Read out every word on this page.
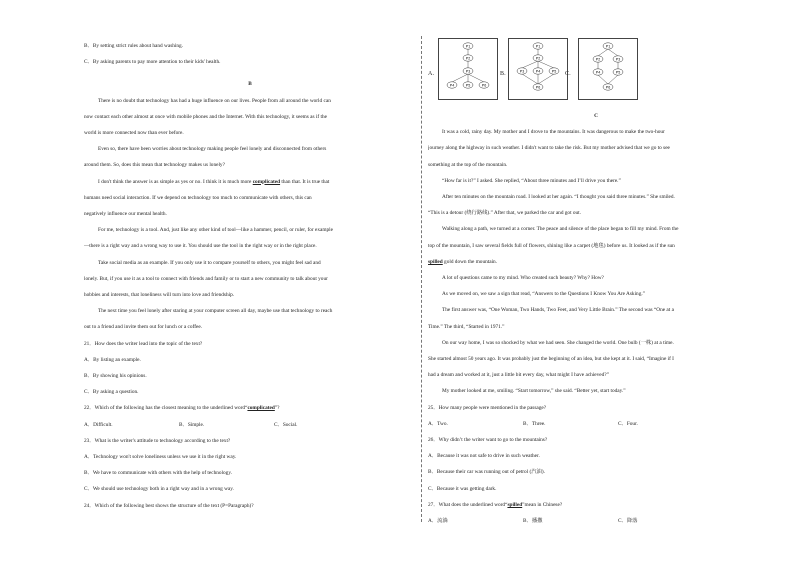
B．By setting strict rules about hand washing.

C．By asking parents to pay more attention to their kids' health.

B

There is no doubt that technology has had a huge influence on our lives. People from all around the world can

now contact each other almost at once with mobile phones and the Internet. With this technology, it seems as if the

world is more connected now than ever before.

Even so, there have been worries about technology making people feel lonely and disconnected from others

around them. So, does this mean that technology makes us lonely?

I don't think the answer is as simple as yes or no. I think it is much more complicated than that. It is true that

humans need social interaction. If we depend on technology too much to communicate with others, this can

negatively influence our mental health.

For me, technology is a tool. And, just like any other kind of tool—like a hammer, pencil, or ruler, for example

—there is a right way and a wrong way to use it. You should use the tool in the right way or in the right place.

Take social media as an example. If you only use it to compare yourself to others, you might feel sad and

lonely. But, if you use it as a tool to connect with friends and family or to start a new community to talk about your

hobbies and interests, that loneliness will turn into love and friendship.

The next time you feel lonely after staring at your computer screen all day, maybe use that technology to reach

out to a friend and invite them out for lunch or a coffee.

21．How does the writer lead into the topic of the text?

A．By listing an example.

B．By showing his opinions.

C．By asking a question.

22．Which of the following has the closest meaning to the underlined word“complicated”?

A．Difficult.	B．Simple.	C．Social.

23．What is the writer's attitude to technology according to the text?

A．Technology won't solve loneliness unless we use it in the right way.

B．We have to communicate with others with the help of technology.

C．We should use technology both in a right way and in a wrong way.

24．Which of the following best shows the structure of the text (P=Paragraph)?

A．
P1
P2
P3
P4	P5	P6
B．
P1
P2
P3	P4	P5
P6
C．
P1
P2	P3
P4	P5
P6

C

It was a cold, rainy day. My mother and I drove to the mountains. It was dangerous to make the two-hour

journey along the highway in such weather. I didn't want to take the risk. But my mother advised that we go to see

something at the top of the mountain.

“How far is it?” I asked. She replied, “About three minutes and I’ll drive you there.”

After ten minutes on the mountain road. I looked at her again. “I thought you said three minutes.” She smiled.

“This is a detour (绕行路线).” After that, we parked the car and got out.

Walking along a path, we turned at a corner. The peace and silence of the place began to fill my mind. From the

top of the mountain, I saw several fields full of flowers, shining like a carpet (地毯) before us. It looked as if the sun

spilled gold down the mountain.

A lot of questions came to my mind. Who created such beauty? Why? How?

As we moved on, we saw a sign that read, “Answers to the Questions I Know You Are Asking.”

The first answer was, “One Woman, Two Hands, Two Feet, and Very Little Brain.” The second was “One at a

Time.” The third, “Started in 1971.”

On our way home, I was so shocked by what we had seen. She changed the world. One bulb (一株) at a time.

She started almost 50 years ago. It was probably just the beginning of an idea, but she kept at it. I said, “Imagine if I

had a dream and worked at it, just a little bit every day, what might I have achieved?”

My mother looked at me, smiling. “Start tomorrow,” she said. “Better yet, start today.”

25．How many people were mentioned in the passage?

A．Two.	B．Three.	C．Four.

26．Why didn’t the writer want to go to the mountains?

A．Because it was not safe to drive in such weather.

B．Because their car was running out of petrol (汽油).

C．Because it was getting dark.

27．What does the underlined word“spilled”mean in Chinese?

A．流淌	B．播撒	C．降落
